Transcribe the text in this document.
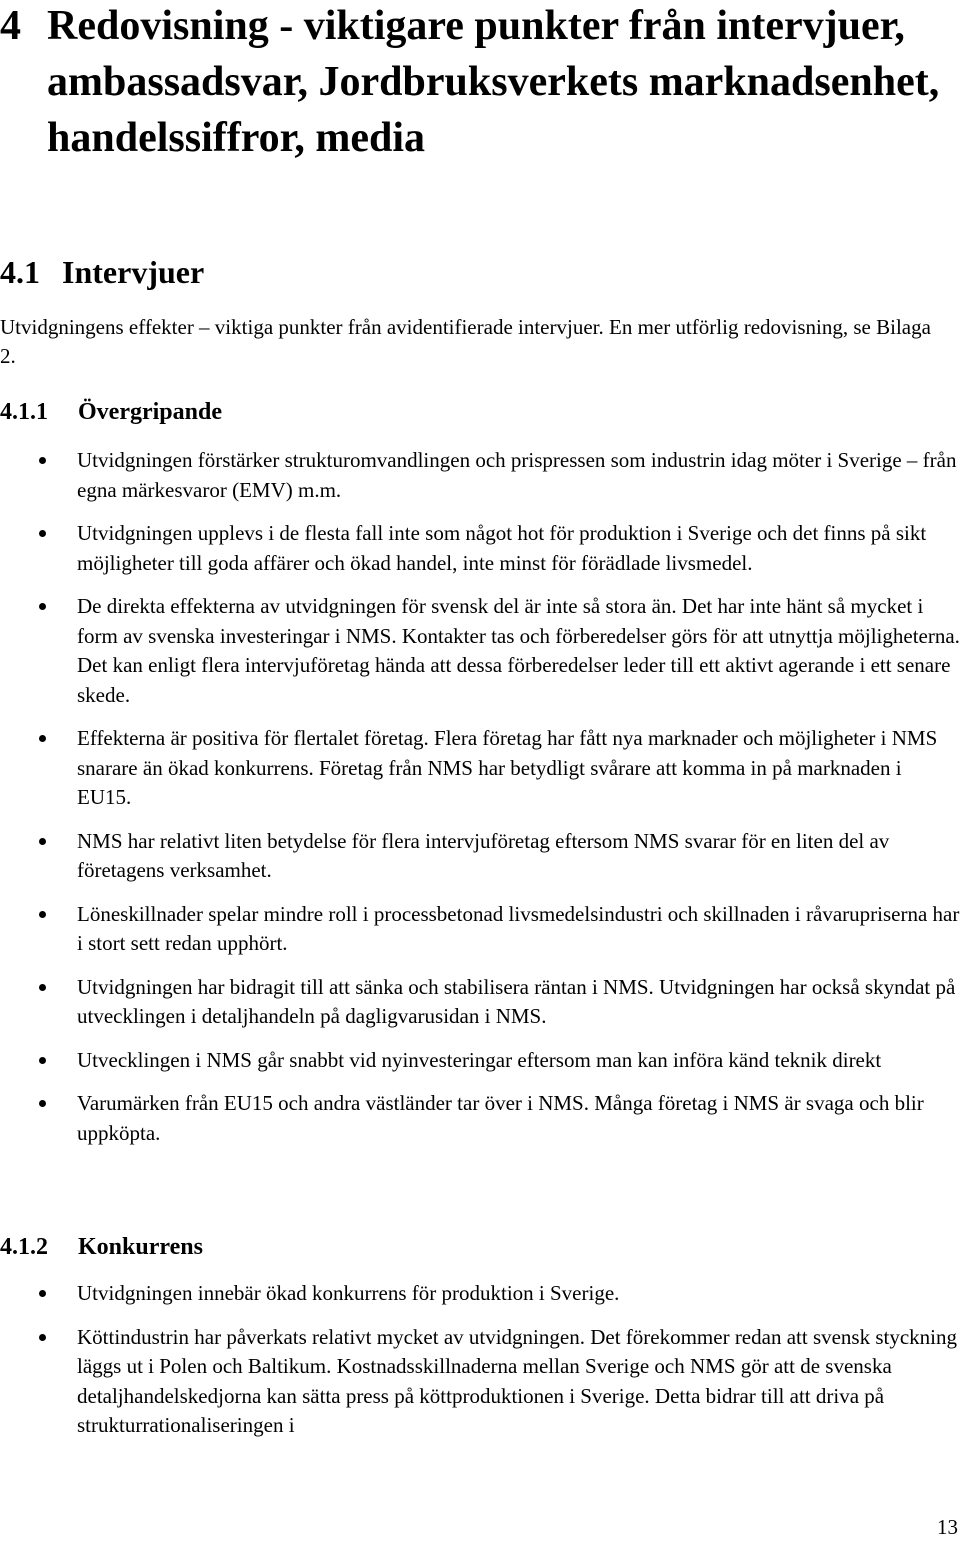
4 Redovisning - viktigare punkter från intervjuer, ambassadsvar, Jordbruksverkets marknadsenhet, handelssiffror, media
4.1 Intervjuer

Utvidgningens effekter – viktiga punkter från avidentifierade intervjuer. En mer utförlig redovisning, se Bilaga 2.

4.1.1 Övergripande
Utvidgningen förstärker strukturomvandlingen och prispressen som industrin idag möter i Sverige – från egna märkesvaror (EMV) m.m.
Utvidgningen upplevs i de flesta fall inte som något hot för produktion i Sverige och det finns på sikt möjligheter till goda affärer och ökad handel, inte minst för förädlade livsmedel.
De direkta effekterna av utvidgningen för svensk del är inte så stora än. Det har inte hänt så mycket i form av svenska investeringar i NMS. Kontakter tas och förberedelser görs för att utnyttja möjligheterna. Det kan enligt flera intervjuföretag hända att dessa förberedelser leder till ett aktivt agerande i ett senare skede.
Effekterna är positiva för flertalet företag. Flera företag har fått nya marknader och möjligheter i NMS snarare än ökad konkurrens. Företag från NMS har betydligt svårare att komma in på marknaden i EU15.
NMS har relativt liten betydelse för flera intervjuföretag eftersom NMS svarar för en liten del av företagens verksamhet.
Löneskillnader spelar mindre roll i processbetonad livsmedelsindustri och skillnaden i råvarupriserna har i stort sett redan upphört.
Utvidgningen har bidragit till att sänka och stabilisera räntan i NMS. Utvidgningen har också skyndat på utvecklingen i detaljhandeln på dagligvarusidan i NMS.
Utvecklingen i NMS går snabbt vid nyinvesteringar eftersom man kan införa känd teknik direkt
Varumärken från EU15 och andra västländer tar över i NMS. Många företag i NMS är svaga och blir uppköpta.
4.1.2 Konkurrens
Utvidgningen innebär ökad konkurrens för produktion i Sverige.
Köttindustrin har påverkats relativt mycket av utvidgningen. Det förekommer redan att svensk styckning läggs ut i Polen och Baltikum. Kostnadsskillnaderna mellan Sverige och NMS gör att de svenska detaljhandelskedjorna kan sätta press på köttproduktionen i Sverige. Detta bidrar till att driva på strukturrationaliseringen i
13
